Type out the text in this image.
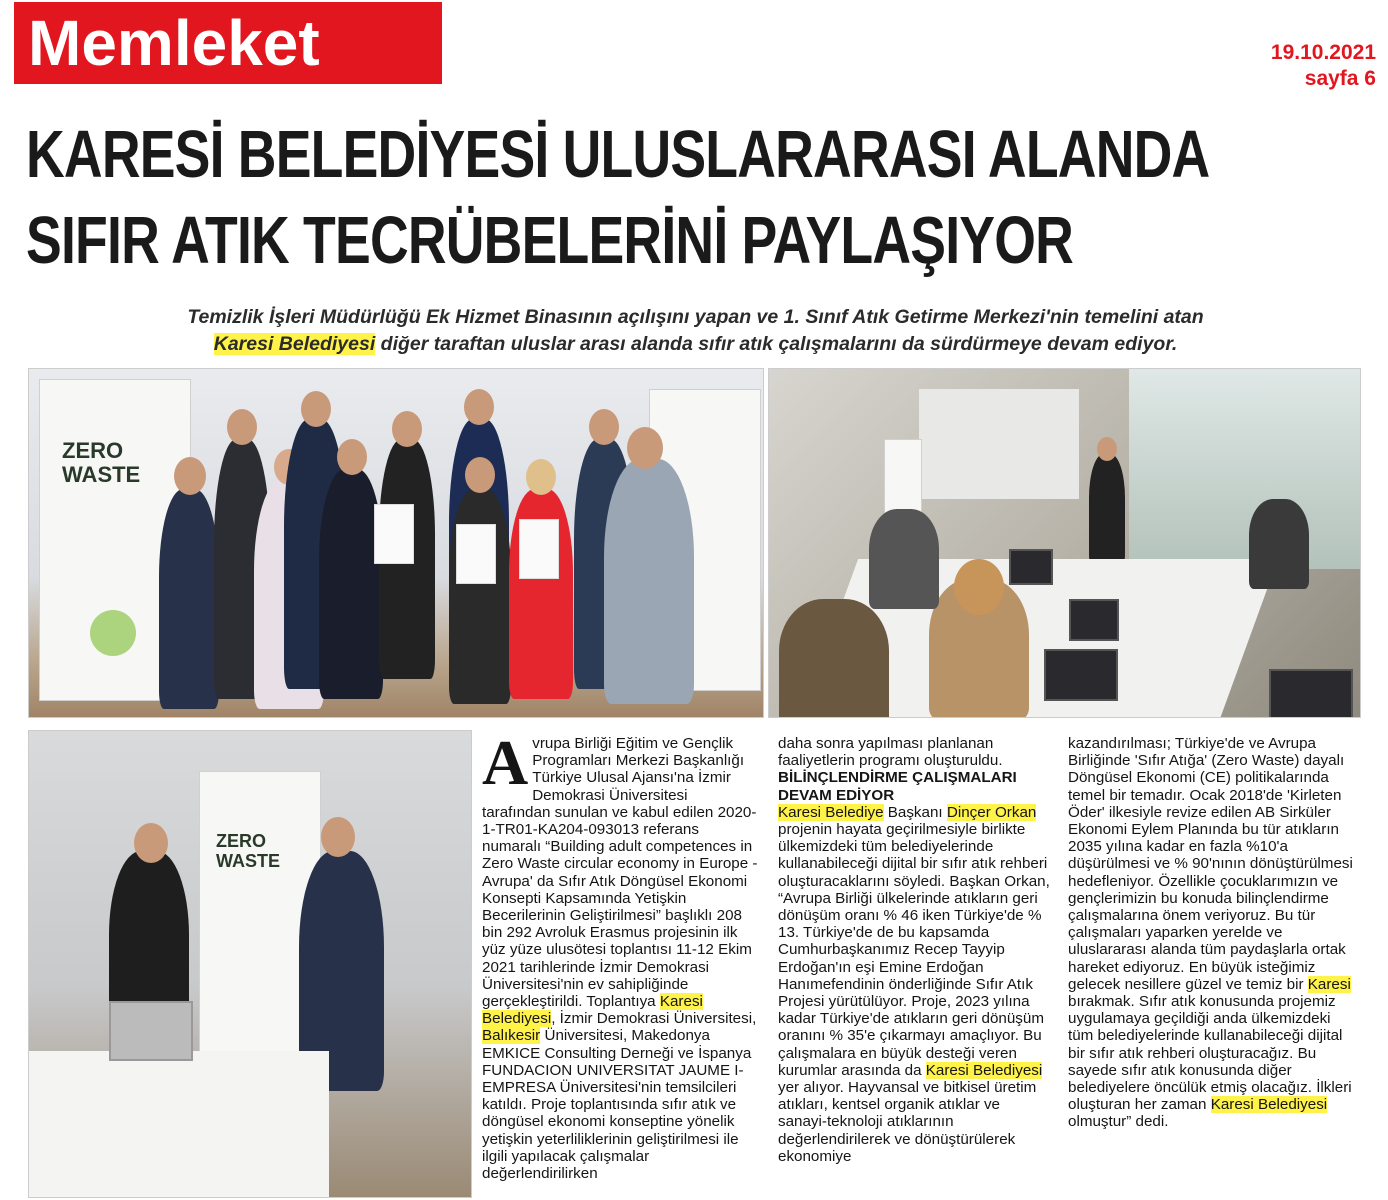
Memleket	19.10.2021
sayfa 6
KARESİ BELEDİYESİ ULUSLARARASI ALANDA
SIFIR ATIK TECRÜBELERİNİ PAYLAŞIYOR
Temizlik İşleri Müdürlüğü Ek Hizmet Binasının açılışını yapan ve 1. Sınıf Atık Getirme Merkezi'nin temelini atan
Karesi Belediyesi diğer taraftan uluslar arası alanda sıfır atık çalışmalarını da sürdürmeye devam ediyor.
ZERO
WASTE
ZERO
WASTE

Avrupa Birliği Eğitim ve Gençlik Programları Merkezi Başkanlığı Türkiye Ulusal Ajansı'na İzmir Demokrasi Üniversitesi tarafından sunulan ve kabul edilen 2020-1-TR01-KA204-093013 referans numaralı “Building adult competences in Zero Waste circular economy in Europe - Avrupa' da Sıfır Atık Döngüsel Ekonomi Konsepti Kapsamında Yetişkin Becerilerinin Geliştirilmesi” başlıklı 208 bin 292 Avroluk Erasmus projesinin ilk yüz yüze ulusötesi toplantısı 11-12 Ekim 2021 tarihlerinde İzmir Demokrasi Üniversitesi'nin ev sahipliğinde gerçekleştirildi. Toplantıya Karesi Belediyesi, İzmir Demokrasi Üniversitesi, Balıkesir Üniversitesi, Makedonya EMKICE Consulting Derneği ve İspanya FUNDACION UNIVERSITAT JAUME I-EMPRESA Üniversitesi'nin temsilcileri katıldı. Proje toplantısında sıfır atık ve döngüsel ekonomi konseptine yönelik yetişkin yeterliliklerinin geliştirilmesi ile ilgili yapılacak çalışmalar değerlendirilirken

daha sonra yapılması planlanan faaliyetlerin programı oluşturuldu.

BİLİNÇLENDİRME ÇALIŞMALARI DEVAM EDİYOR

Karesi Belediye Başkanı Dinçer Orkan projenin hayata geçirilmesiyle birlikte ülkemizdeki tüm belediyelerinde kullanabileceği dijital bir sıfır atık rehberi oluşturacaklarını söyledi. Başkan Orkan, “Avrupa Birliği ülkelerinde atıkların geri dönüşüm oranı % 46 iken Türkiye'de % 13. Türkiye'de de bu kapsamda Cumhurbaşkanımız Recep Tayyip Erdoğan'ın eşi Emine Erdoğan Hanımefendinin önderliğinde Sıfır Atık Projesi yürütülüyor. Proje, 2023 yılına kadar Türkiye'de atıkların geri dönüşüm oranını % 35'e çıkarmayı amaçlıyor. Bu çalışmalara en büyük desteği veren kurumlar arasında da Karesi Belediyesi yer alıyor. Hayvansal ve bitkisel üretim atıkları, kentsel organik atıklar ve sanayi-teknoloji atıklarının değerlendirilerek ve dönüştürülerek ekonomiye

kazandırılması; Türkiye'de ve Avrupa Birliğinde 'Sıfır Atığa' (Zero Waste) dayalı Döngüsel Ekonomi (CE) politikalarında temel bir temadır. Ocak 2018'de 'Kirleten Öder' ilkesiyle revize edilen AB Sirküler Ekonomi Eylem Planında bu tür atıkların 2035 yılına kadar en fazla %10'a düşürülmesi ve % 90'nının dönüştürülmesi hedefleniyor. Özellikle çocuklarımızın ve gençlerimizin bu konuda bilinçlendirme çalışmalarına önem veriyoruz. Bu tür çalışmaları yaparken yerelde ve uluslararası alanda tüm paydaşlarla ortak hareket ediyoruz. En büyük isteğimiz gelecek nesillere güzel ve temiz bir Karesi bırakmak. Sıfır atık konusunda projemiz uygulamaya geçildiği anda ülkemizdeki tüm belediyelerinde kullanabileceği dijital bir sıfır atık rehberi oluşturacağız. Bu sayede sıfır atık konusunda diğer belediyelere öncülük etmiş olacağız. İlkleri oluşturan her zaman Karesi Belediyesi olmuştur” dedi.
